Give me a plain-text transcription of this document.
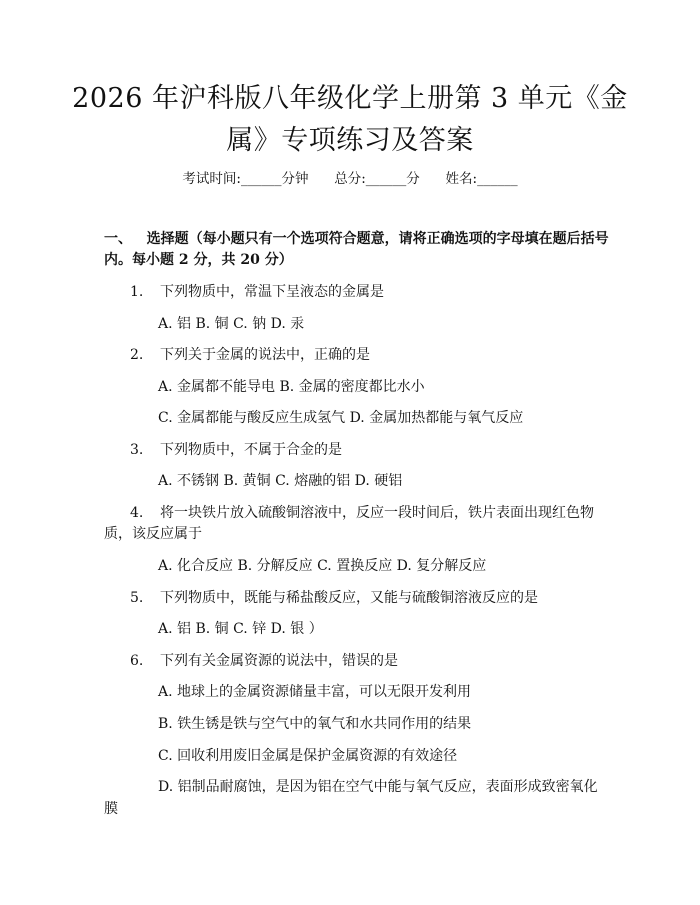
2026 年沪科版八年级化学上册第 3 单元《金
属》专项练习及答案
考试时间:______分钟 总分:______分 姓名:______
一、   选择题（每小题只有一个选项符合题意，请将正确选项的字母填在题后括号
内。每小题 2 分，共 20 分）
1. 下列物质中，常温下呈液态的金属是
A. 铝 B. 铜 C. 钠 D. 汞
2. 下列关于金属的说法中，正确的是
A. 金属都不能导电 B. 金属的密度都比水小
C. 金属都能与酸反应生成氢气 D. 金属加热都能与氧气反应
3. 下列物质中，不属于合金的是
A. 不锈钢 B. 黄铜 C. 熔融的铝 D. 硬铝
4. 将一块铁片放入硫酸铜溶液中，反应一段时间后，铁片表面出现红色物
质，该反应属于
A. 化合反应 B. 分解反应 C. 置换反应 D. 复分解反应
5. 下列物质中，既能与稀盐酸反应，又能与硫酸铜溶液反应的是
A. 铝 B. 铜 C. 锌 D. 银 ）
6. 下列有关金属资源的说法中，错误的是
A. 地球上的金属资源储量丰富，可以无限开发利用
B. 铁生锈是铁与空气中的氧气和水共同作用的结果
C. 回收利用废旧金属是保护金属资源的有效途径
D. 铝制品耐腐蚀，是因为铝在空气中能与氧气反应，表面形成致密氧化
膜
